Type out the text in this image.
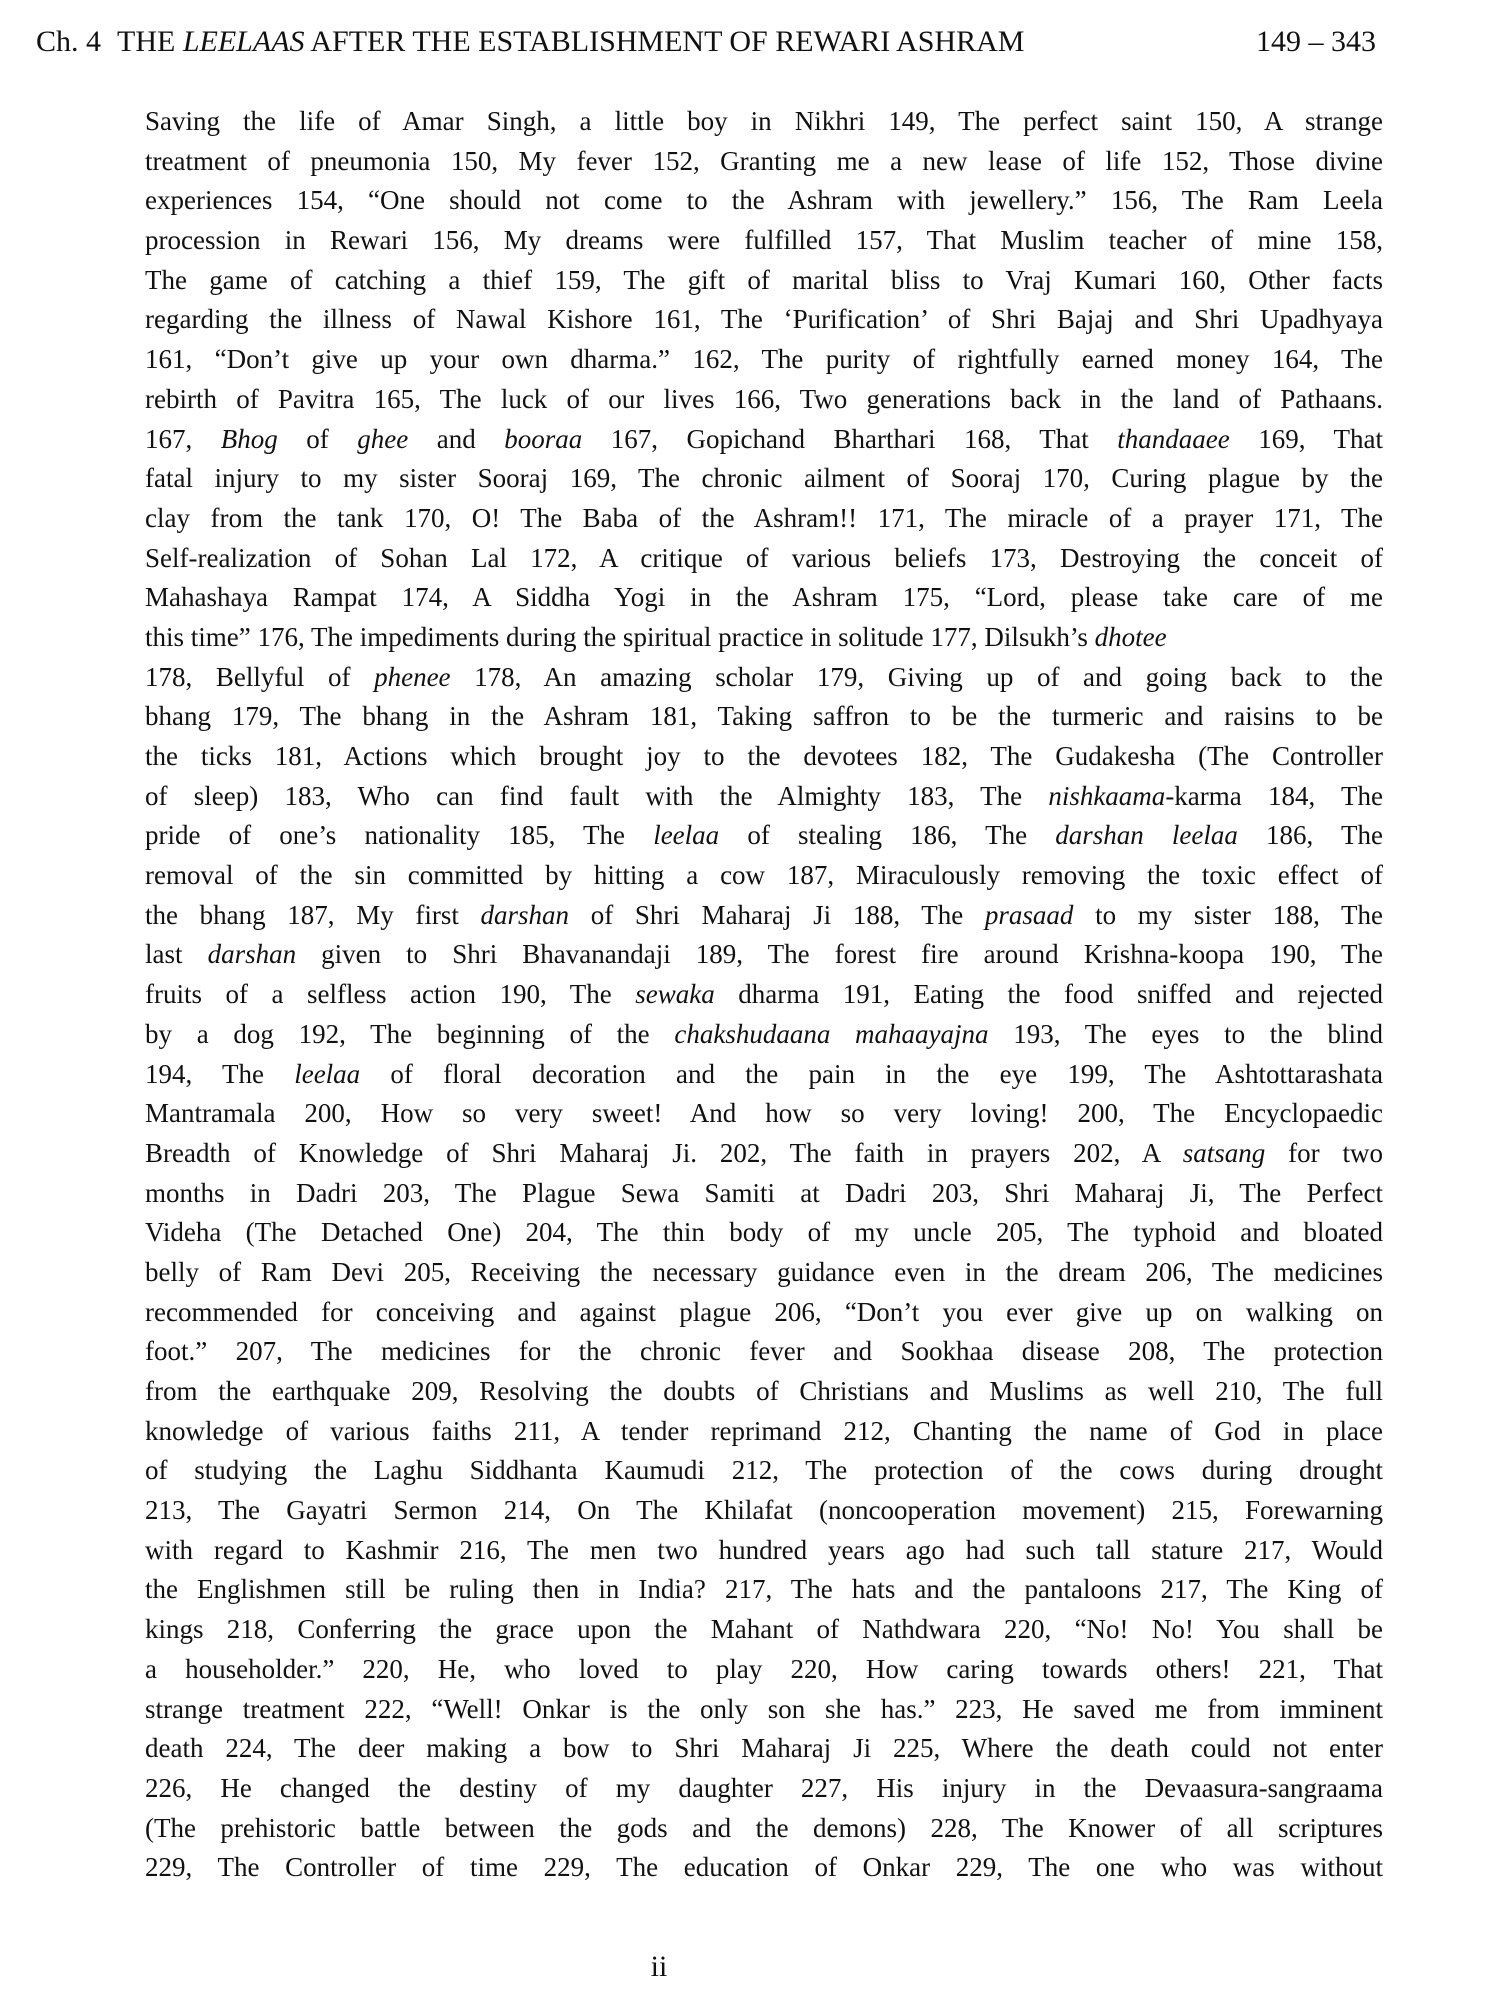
Ch. 4 THE LEELAAS AFTER THE ESTABLISHMENT OF REWARI ASHRAM	149 – 343
Saving the life of Amar Singh, a little boy in Nikhri 149, The perfect saint 150, A strange
treatment of pneumonia 150, My fever 152, Granting me a new lease of life 152, Those divine
experiences 154, “One should not come to the Ashram with jewellery.” 156, The Ram Leela
procession in Rewari 156, My dreams were fulfilled 157, That Muslim teacher of mine 158,
The game of catching a thief 159, The gift of marital bliss to Vraj Kumari 160, Other facts
regarding the illness of Nawal Kishore 161, The ‘Purification’ of Shri Bajaj and Shri Upadhyaya
161, “Don’t give up your own dharma.” 162, The purity of rightfully earned money 164, The
rebirth of Pavitra 165, The luck of our lives 166, Two generations back in the land of Pathaans.
167, Bhog of ghee and booraa 167, Gopichand Bharthari 168, That thandaaee 169, That
fatal injury to my sister Sooraj 169, The chronic ailment of Sooraj 170, Curing plague by the
clay from the tank 170, O! The Baba of the Ashram!! 171, The miracle of a prayer 171, The
Self-realization of Sohan Lal 172, A critique of various beliefs 173, Destroying the conceit of
Mahashaya Rampat 174, A Siddha Yogi in the Ashram 175, “Lord, please take care of me
this time” 176, The impediments during the spiritual practice in solitude 177, Dilsukh’s dhotee
178, Bellyful of phenee 178, An amazing scholar 179, Giving up of and going back to the
bhang 179, The bhang in the Ashram 181, Taking saffron to be the turmeric and raisins to be
the ticks 181, Actions which brought joy to the devotees 182, The Gudakesha (The Controller
of sleep) 183, Who can find fault with the Almighty 183, The nishkaama-karma 184, The
pride of one’s nationality 185, The leelaa of stealing 186, The darshan leelaa 186, The
removal of the sin committed by hitting a cow 187, Miraculously removing the toxic effect of
the bhang 187, My first darshan of Shri Maharaj Ji 188, The prasaad to my sister 188, The
last darshan given to Shri Bhavanandaji 189, The forest fire around Krishna-koopa 190, The
fruits of a selfless action 190, The sewaka dharma 191, Eating the food sniffed and rejected
by a dog 192, The beginning of the chakshudaana mahaayajna 193, The eyes to the blind
194, The leelaa of floral decoration and the pain in the eye 199, The Ashtottarashata
Mantramala 200, How so very sweet! And how so very loving! 200, The Encyclopaedic
Breadth of Knowledge of Shri Maharaj Ji. 202, The faith in prayers 202, A satsang for two
months in Dadri 203, The Plague Sewa Samiti at Dadri 203, Shri Maharaj Ji, The Perfect
Videha (The Detached One) 204, The thin body of my uncle 205, The typhoid and bloated
belly of Ram Devi 205, Receiving the necessary guidance even in the dream 206, The medicines
recommended for conceiving and against plague 206, “Don’t you ever give up on walking on
foot.” 207, The medicines for the chronic fever and Sookhaa disease 208, The protection
from the earthquake 209, Resolving the doubts of Christians and Muslims as well 210, The full
knowledge of various faiths 211, A tender reprimand 212, Chanting the name of God in place
of studying the Laghu Siddhanta Kaumudi 212, The protection of the cows during drought
213, The Gayatri Sermon 214, On The Khilafat (noncooperation movement) 215, Forewarning
with regard to Kashmir 216, The men two hundred years ago had such tall stature 217, Would
the Englishmen still be ruling then in India? 217, The hats and the pantaloons 217, The King of
kings 218, Conferring the grace upon the Mahant of Nathdwara 220, “No! No! You shall be
a householder.” 220, He, who loved to play 220, How caring towards others! 221, That
strange treatment 222, “Well! Onkar is the only son she has.” 223, He saved me from imminent
death 224, The deer making a bow to Shri Maharaj Ji 225, Where the death could not enter
226, He changed the destiny of my daughter 227, His injury in the Devaasura-sangraama
(The prehistoric battle between the gods and the demons) 228, The Knower of all scriptures
229, The Controller of time 229, The education of Onkar 229, The one who was without
ii
